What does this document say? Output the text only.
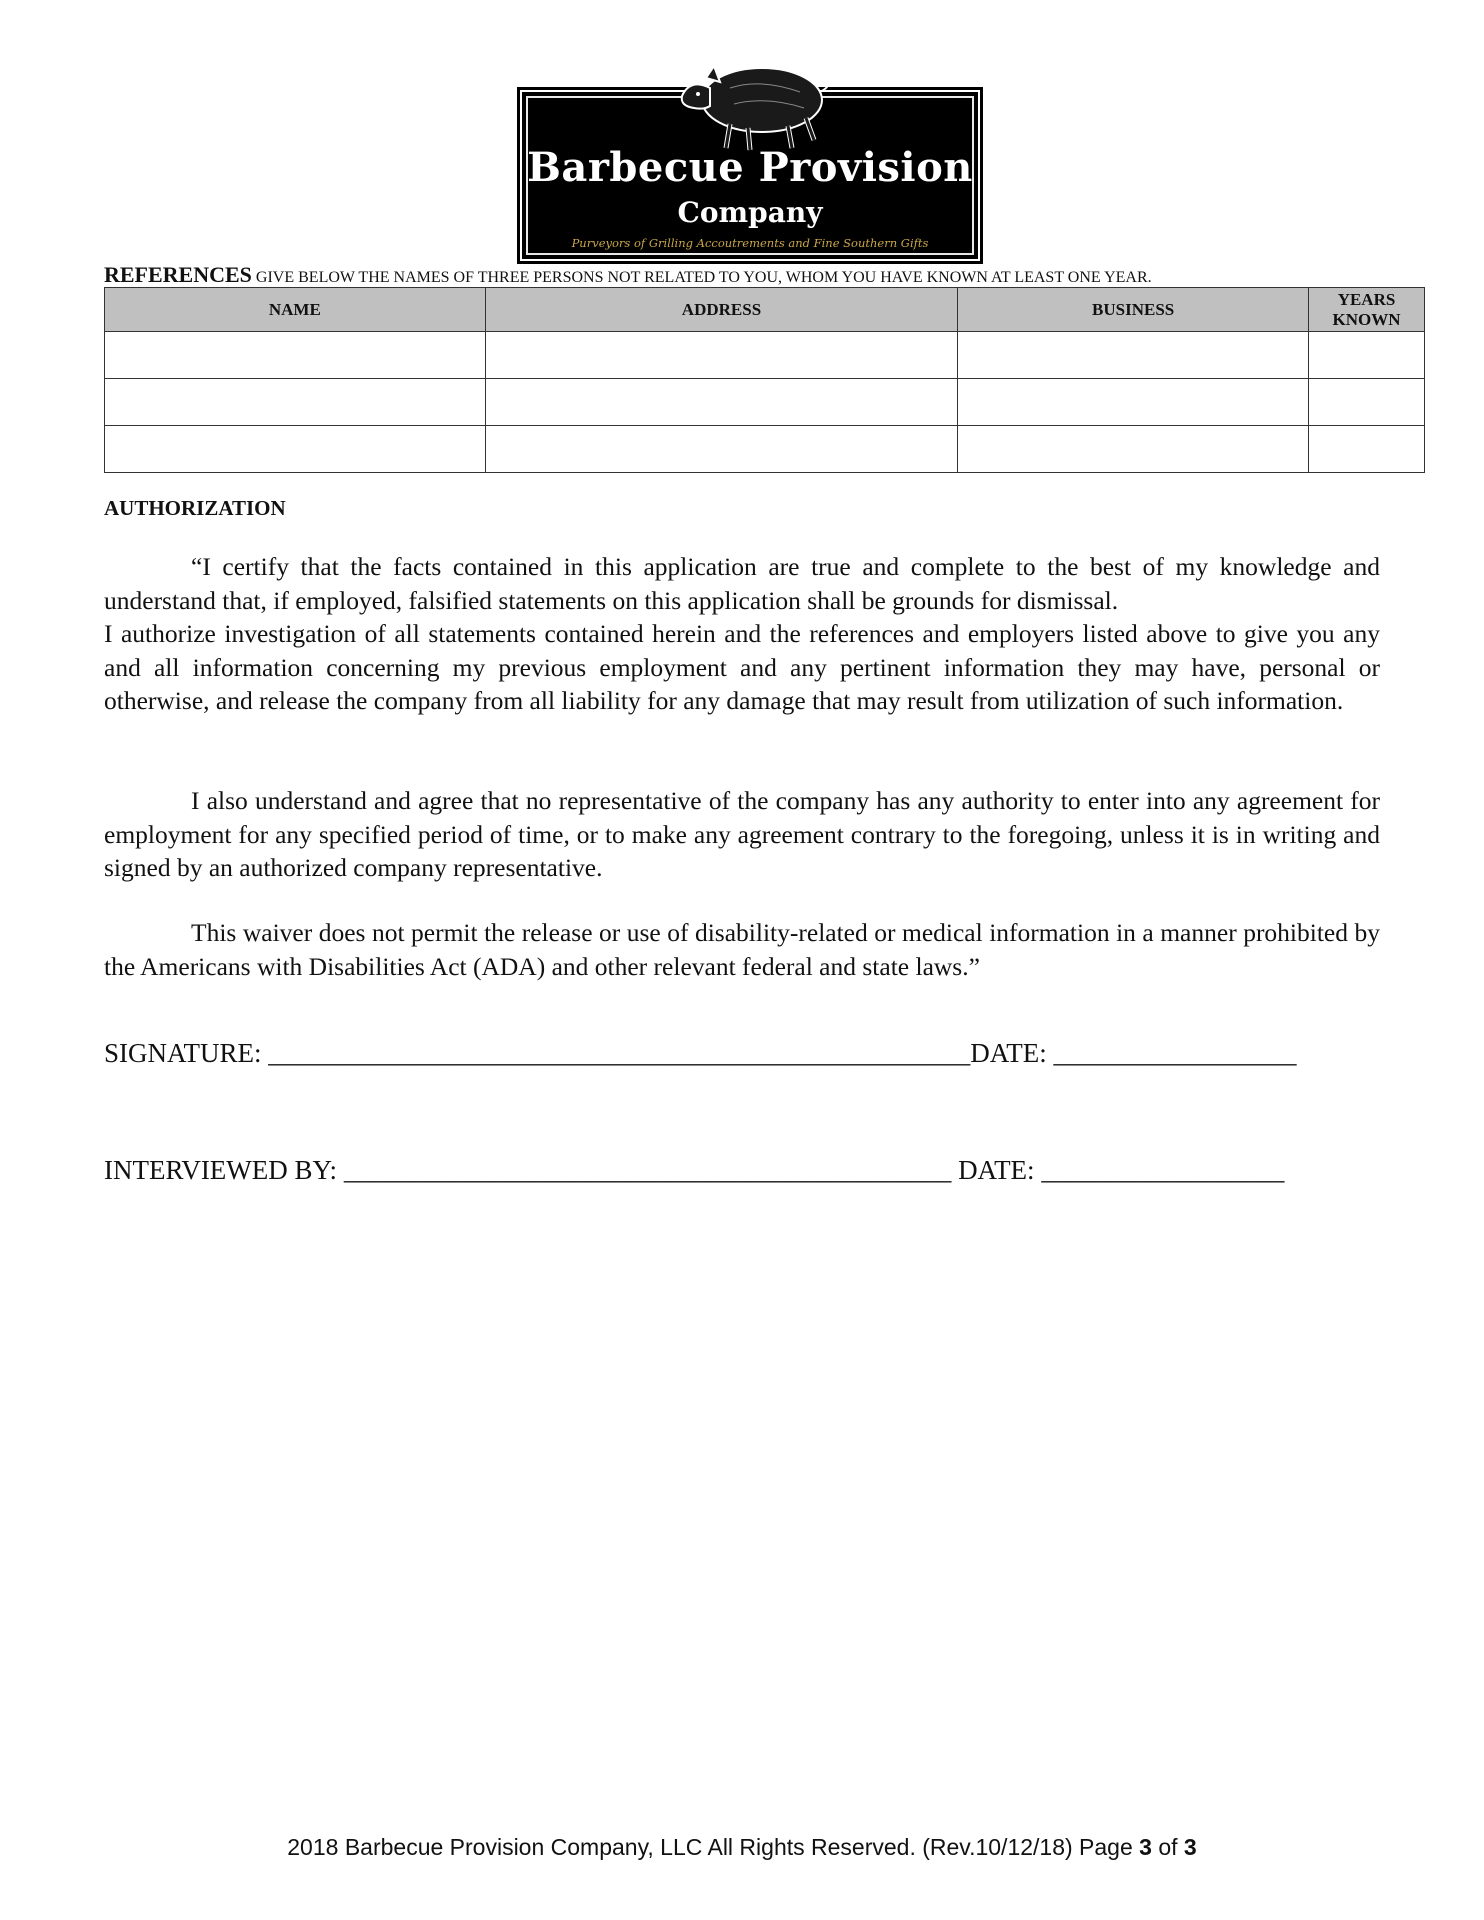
Barbecue Provision
Company
Purveyors of Grilling Accoutrements and Fine Southern Gifts
REFERENCES GIVE BELOW THE NAMES OF THREE PERSONS NOT RELATED TO YOU, WHOM YOU HAVE KNOWN AT LEAST ONE YEAR.
NAME	ADDRESS	BUSINESS	YEARS KNOWN

AUTHORIZATION

“I certify that the facts contained in this application are true and complete to the best of my knowledge and understand that, if employed, falsified statements on this application shall be grounds for dismissal.

I authorize investigation of all statements contained herein and the references and employers listed above to give you any and all information concerning my previous employment and any pertinent information they may have, personal or otherwise, and release the company from all liability for any damage that may result from utilization of such information.

I also understand and agree that no representative of the company has any authority to enter into any agreement for employment for any specified period of time, or to make any agreement contrary to the foregoing, unless it is in writing and signed by an authorized company representative.

This waiver does not permit the release or use of disability-related or medical information in a manner prohibited by the Americans with Disabilities Act (ADA) and other relevant federal and state laws.”

SIGNATURE: ____________________________________________________DATE: __________________
INTERVIEWED BY: _____________________________________________ DATE: __________________
2018 Barbecue Provision Company, LLC All Rights Reserved. (Rev.10/12/18) Page 3 of 3
